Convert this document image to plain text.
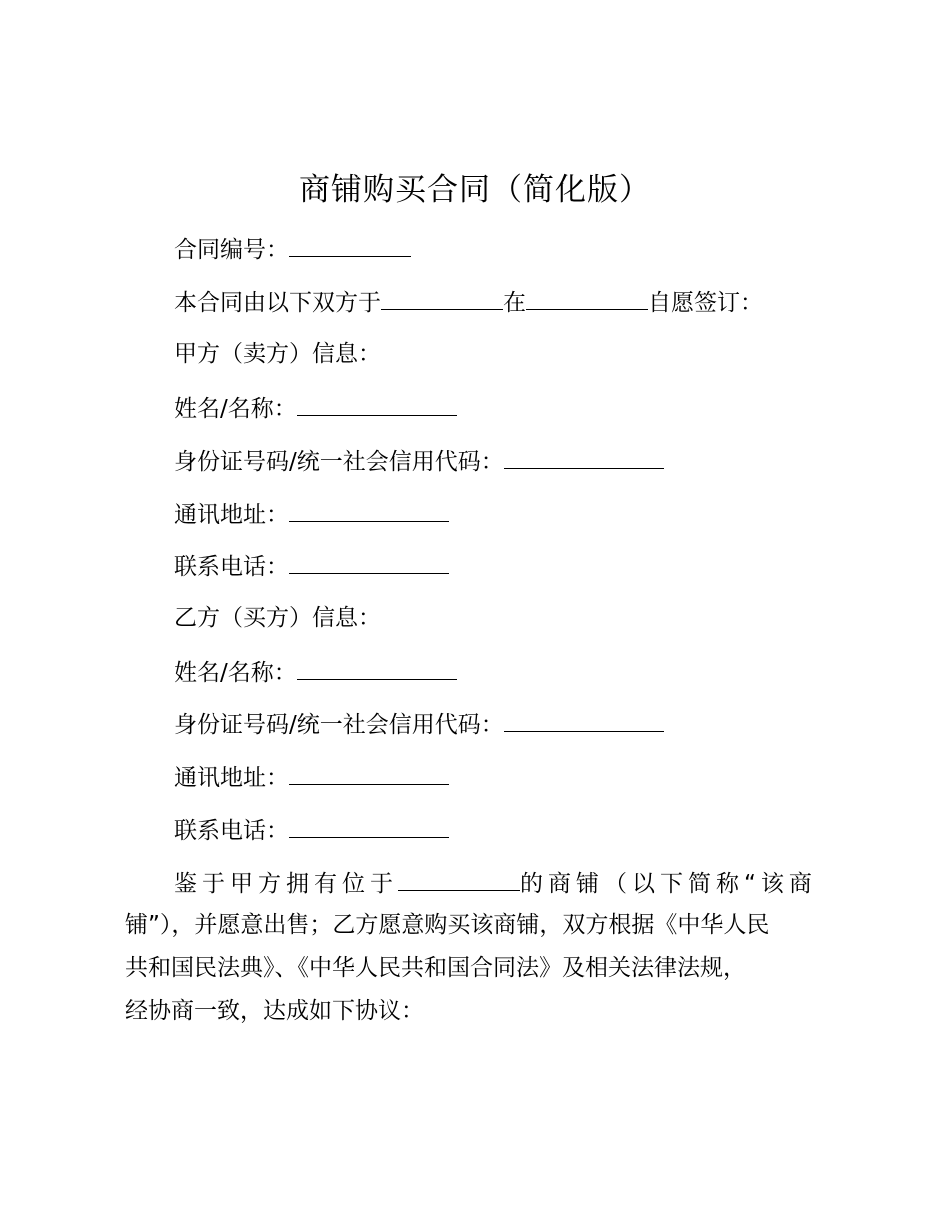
商铺购买合同（简化版）
合同编号：
本合同由以下双方于	在	自愿签订：
甲方（卖方）信息：
姓名/名称：
身份证号码/统一社会信用代码：
通讯地址：
联系电话：
乙方（买方）信息：
姓名/名称：
身份证号码/统一社会信用代码：
通讯地址：
联系电话：
鉴于甲方拥有位于	的商铺（以下简称“该商
铺”），并愿意出售；乙方愿意购买该商铺，双方根据《中华人民
共和国民法典》、《中华人民共和国合同法》及相关法律法规，
经协商一致，达成如下协议：
